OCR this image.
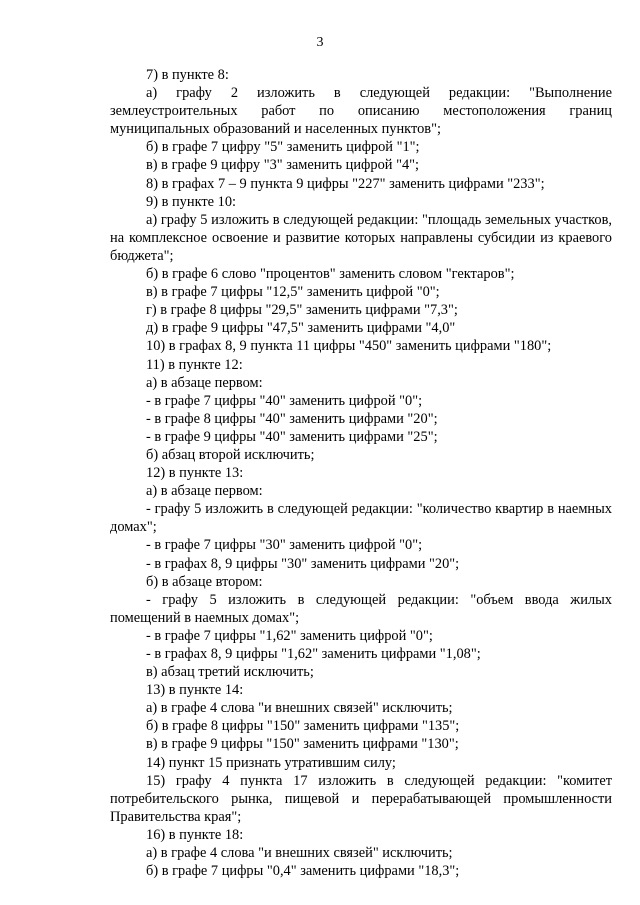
3

7) в пункте 8:

а) графу 2 изложить в следующей редакции: "Выполнение землеустроительных работ по описанию местоположения границ муниципальных образований и населенных пунктов";

б) в графе 7 цифру "5" заменить цифрой "1";

в) в графе 9 цифру "3" заменить цифрой "4";

8) в графах 7 – 9 пункта 9 цифры "227" заменить цифрами "233";

9) в пункте 10:

а) графу 5 изложить в следующей редакции: "площадь земельных участков, на комплексное освоение и развитие которых направлены субсидии из краевого бюджета";

б) в графе 6 слово "процентов" заменить словом "гектаров";

в) в графе 7 цифры "12,5" заменить цифрой "0";

г) в графе 8 цифры "29,5" заменить цифрами "7,3";

д) в графе 9 цифры "47,5" заменить цифрами "4,0"

10) в графах 8, 9 пункта 11 цифры "450" заменить цифрами "180";

11) в пункте 12:

а) в абзаце первом:

- в графе 7 цифры "40" заменить цифрой "0";

- в графе 8 цифры "40" заменить цифрами "20";

- в графе 9 цифры "40" заменить цифрами "25";

б) абзац второй исключить;

12) в пункте 13:

а) в абзаце первом:

- графу 5 изложить в следующей редакции: "количество квартир в наемных домах";

- в графе 7 цифры "30" заменить цифрой "0";

- в графах 8, 9 цифры "30" заменить цифрами "20";

б) в абзаце втором:

- графу 5 изложить в следующей редакции: "объем ввода жилых помещений в наемных домах";

- в графе 7 цифры "1,62" заменить цифрой "0";

- в графах 8, 9 цифры "1,62" заменить цифрами "1,08";

в) абзац третий исключить;

13) в пункте 14:

а) в графе 4 слова "и внешних связей" исключить;

б) в графе 8 цифры "150" заменить цифрами "135";

в) в графе 9 цифры "150" заменить цифрами "130";

14) пункт 15 признать утратившим силу;

15) графу 4 пункта 17 изложить в следующей редакции: "комитет потребительского рынка, пищевой и перерабатывающей промышленности Правительства края";

16) в пункте 18:

а) в графе 4 слова "и внешних связей" исключить;

б) в графе 7 цифры "0,4" заменить цифрами "18,3";
